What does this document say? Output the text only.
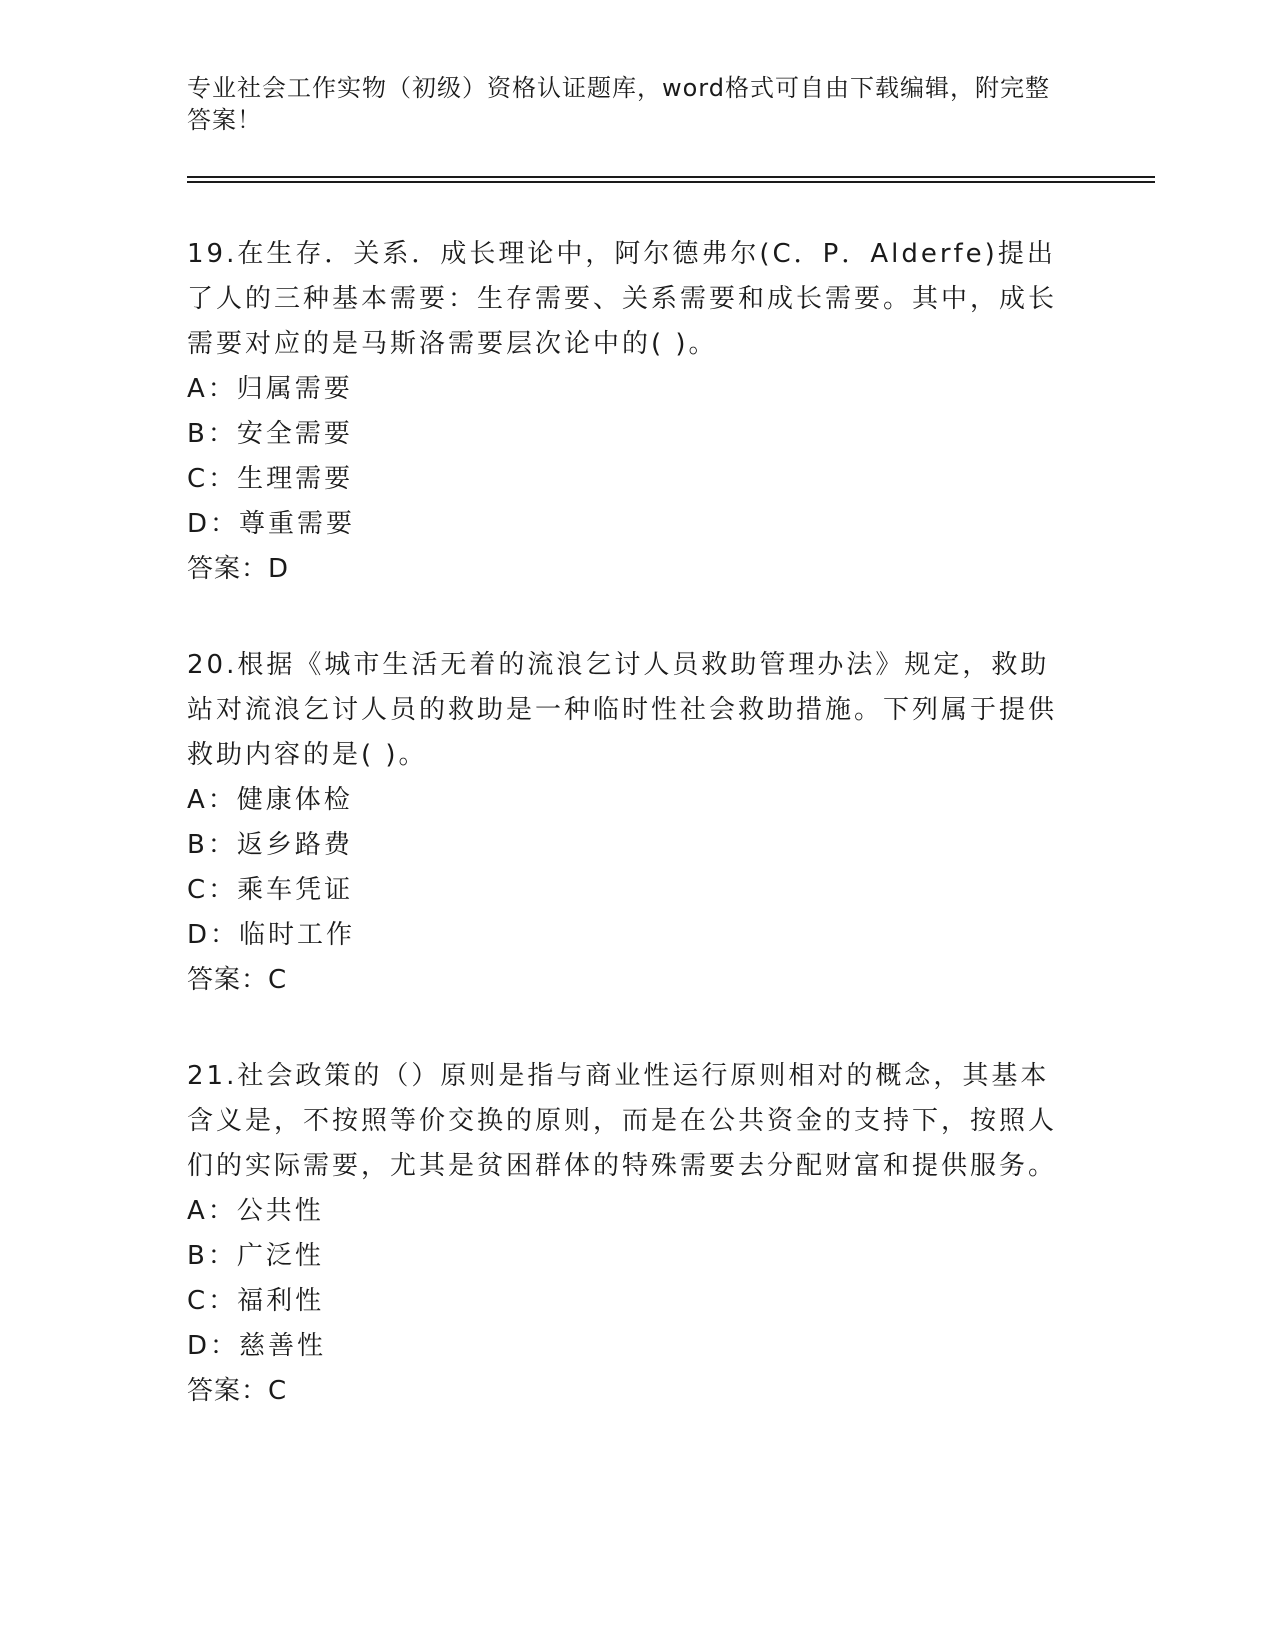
专业社会工作实物（初级）资格认证题库，word格式可自由下载编辑，附完整答案！

19.在生存．关系．成长理论中，阿尔德弗尔(C．P．Alderfe)提出了人的三种基本需要：生存需要、关系需要和成长需要。其中，成长需要对应的是马斯洛需要层次论中的( )。

A：归属需要

B：安全需要

C：生理需要

D：尊重需要

答案：D

20.根据《城市生活无着的流浪乞讨人员救助管理办法》规定，救助站对流浪乞讨人员的救助是一种临时性社会救助措施。下列属于提供救助内容的是( )。

A：健康体检

B：返乡路费

C：乘车凭证

D：临时工作

答案：C

21.社会政策的（）原则是指与商业性运行原则相对的概念，其基本含义是，不按照等价交换的原则，而是在公共资金的支持下，按照人们的实际需要，尤其是贫困群体的特殊需要去分配财富和提供服务。

A：公共性

B：广泛性

C：福利性

D：慈善性

答案：C
